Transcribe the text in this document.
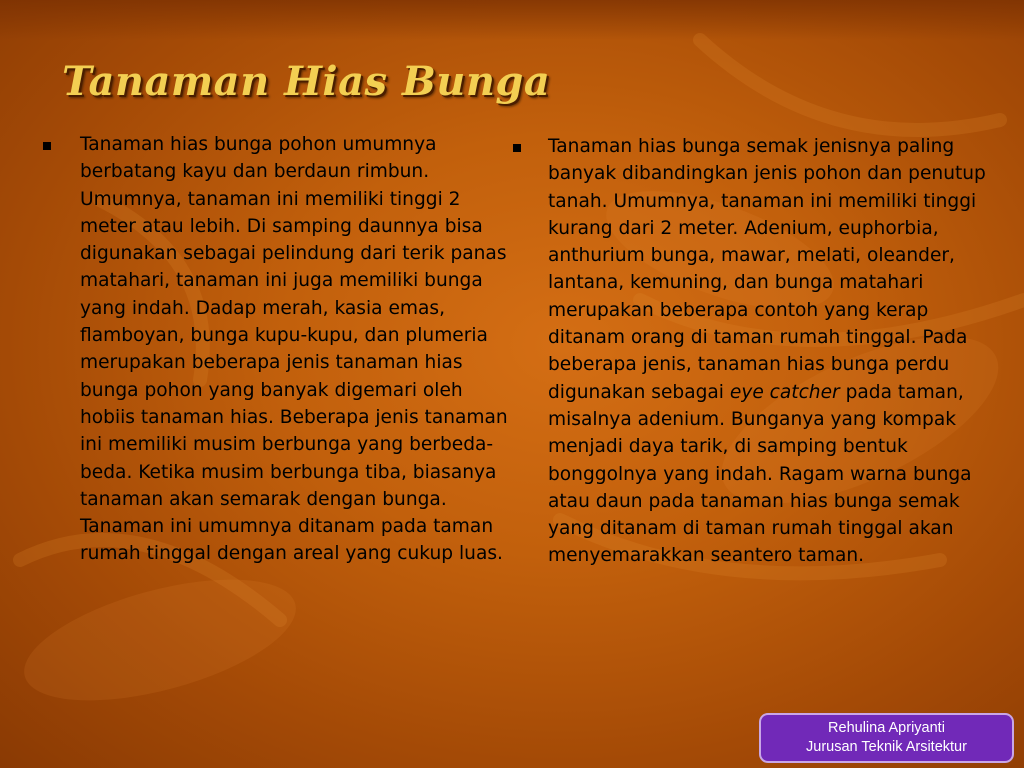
Tanaman Hias Bunga

Tanaman hias bunga pohon umumnya berbatang kayu dan berdaun rimbun. Umumnya, tanaman ini memiliki tinggi 2 meter atau lebih. Di samping daunnya bisa digunakan sebagai pelindung dari terik panas matahari, tanaman ini juga memiliki bunga yang indah. Dadap merah, kasia emas, flamboyan, bunga kupu-kupu, dan plumeria merupakan beberapa jenis tanaman hias bunga pohon yang banyak digemari oleh hobiis tanaman hias. Beberapa jenis tanaman ini memiliki musim berbunga yang berbeda-beda. Ketika musim berbunga tiba, biasanya tanaman akan semarak dengan bunga. Tanaman ini umumnya ditanam pada taman rumah tinggal dengan areal yang cukup luas.

Tanaman hias bunga semak jenisnya paling banyak dibandingkan jenis pohon dan penutup tanah. Umumnya, tanaman ini memiliki tinggi kurang dari 2 meter. Adenium, euphorbia, anthurium bunga, mawar, melati, oleander, lantana, kemuning, dan bunga matahari merupakan beberapa contoh yang kerap ditanam orang di taman rumah tinggal. Pada beberapa jenis, tanaman hias bunga perdu digunakan sebagai eye catcher pada taman, misalnya adenium. Bunganya yang kompak menjadi daya tarik, di samping bentuk bonggolnya yang indah. Ragam warna bunga atau daun pada tanaman hias bunga semak yang ditanam di taman rumah tinggal akan menyemarakkan seantero taman.

Rehulina Apriyanti
Jurusan Teknik Arsitektur
